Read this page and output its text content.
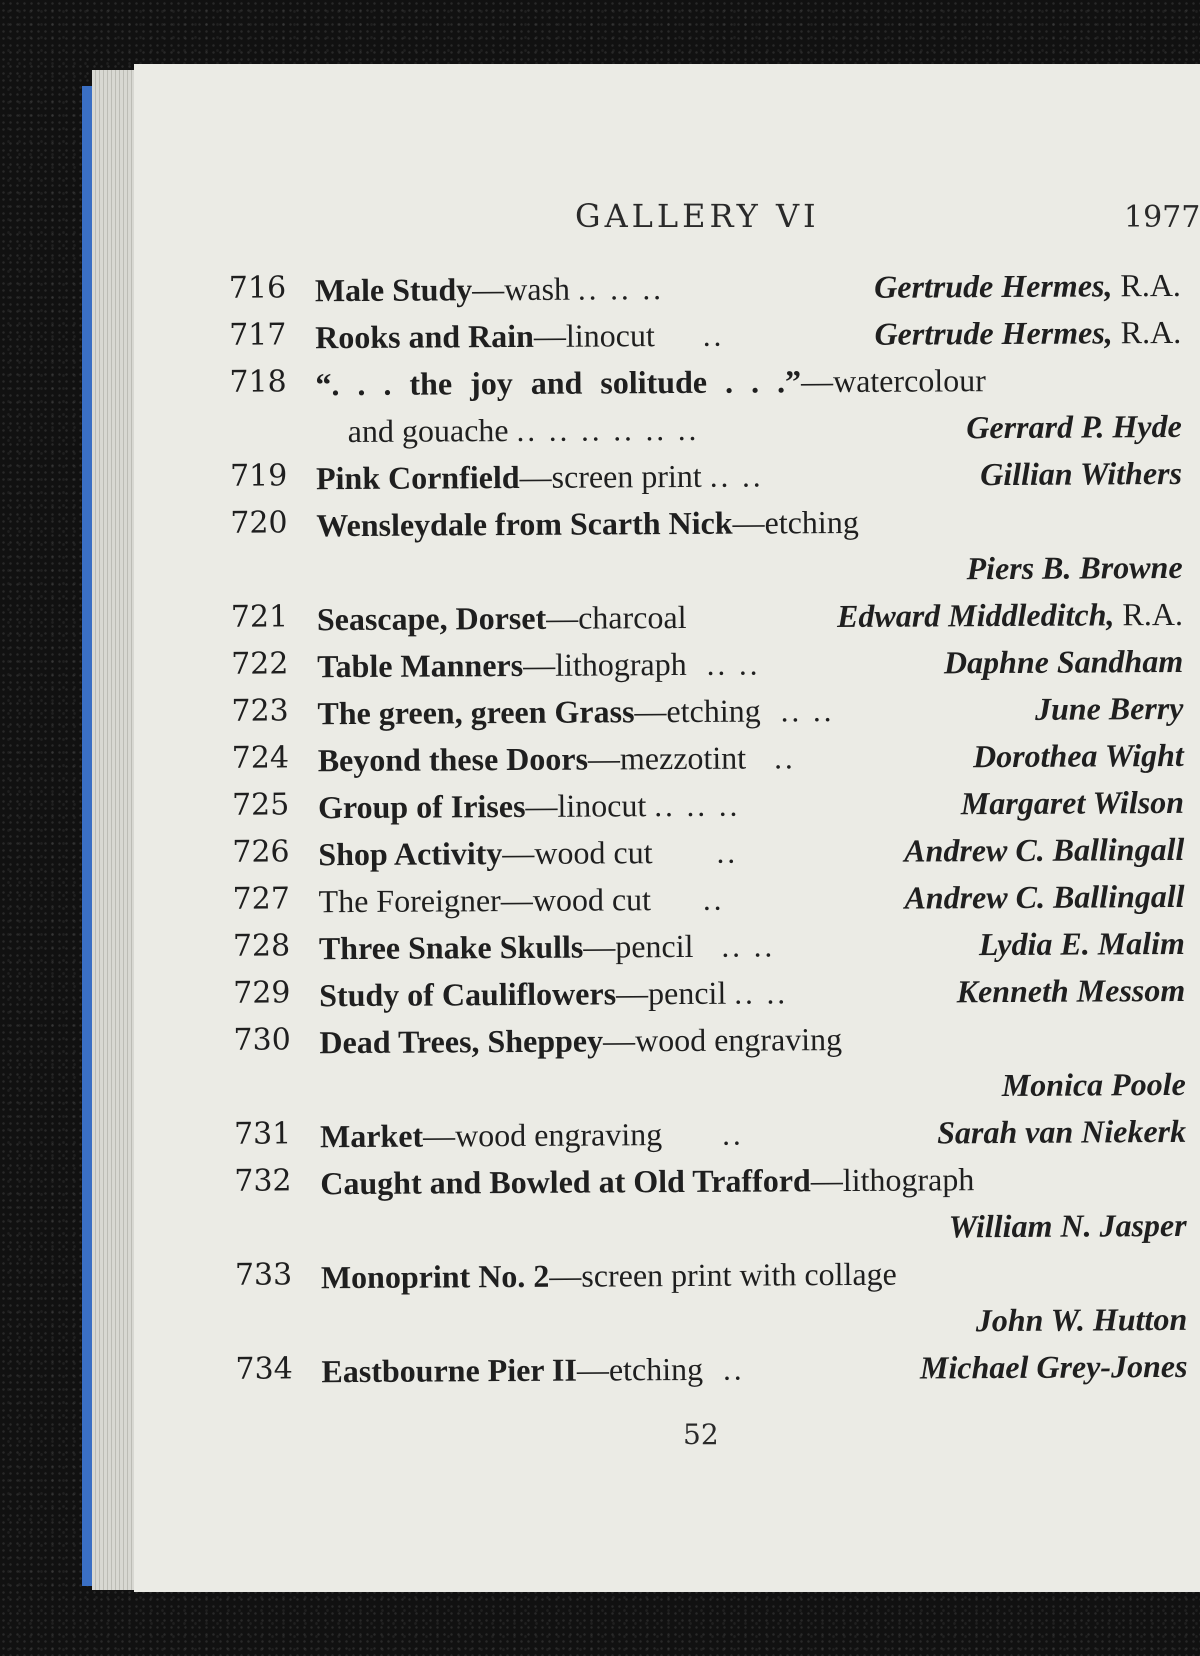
GALLERY VI	1977
716 Male Study—wash .. .. ..	Gertrude Hermes, R.A.
717 Rooks and Rain—linocut ..	Gertrude Hermes, R.A.
718 “. . . the joy and solitude . . .”—watercolour
and gouache .. .. .. .. .. ..	Gerrard P. Hyde
719 Pink Cornfield—screen print .. ..	Gillian Withers
720 Wensleydale from Scarth Nick—etching
Piers B. Browne
721 Seascape, Dorset—charcoal	Edward Middleditch, R.A.
722 Table Manners—lithograph .. ..	Daphne Sandham
723 The green, green Grass—etching .. ..	June Berry
724 Beyond these Doors—mezzotint ..	Dorothea Wight
725 Group of Irises—linocut .. .. ..	Margaret Wilson
726 Shop Activity—wood cut ..	Andrew C. Ballingall
727 The Foreigner—wood cut ..	Andrew C. Ballingall
728 Three Snake Skulls—pencil .. ..	Lydia E. Malim
729 Study of Cauliflowers—pencil .. ..	Kenneth Messom
730 Dead Trees, Sheppey—wood engraving
Monica Poole
731 Market—wood engraving ..	Sarah van Niekerk
732 Caught and Bowled at Old Trafford—lithograph
William N. Jasper
733 Monoprint No. 2—screen print with collage
John W. Hutton
734 Eastbourne Pier II—etching ..	Michael Grey-Jones
52
